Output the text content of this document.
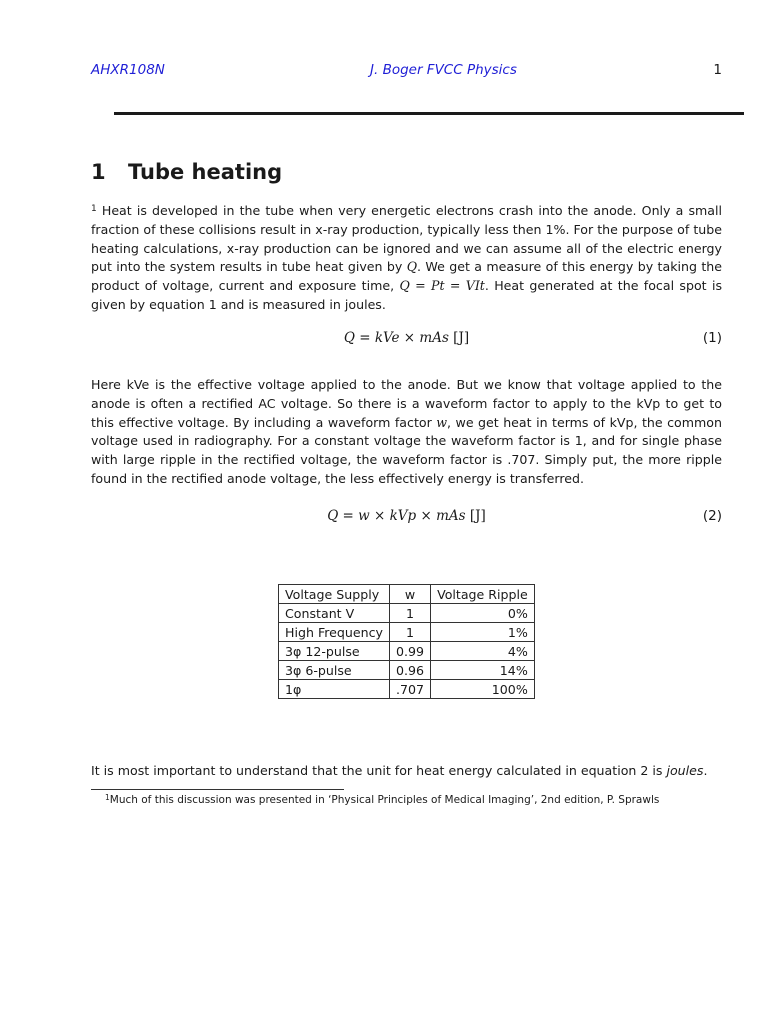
AHXR108N	J. Boger FVCC Physics	1
1 Tube heating
$^1$ Heat is developed in the tube when very energetic electrons crash into the anode. Only a small fraction of these collisions result in x-ray production, typically less then 1%. For the purpose of tube heating calculations, x-ray production can be ignored and we can assume all of the electric energy put into the system results in tube heat given by Q. We get a measure of this energy by taking the product of voltage, current and exposure time, Q = Pt = VIt. Heat generated at the focal spot is given by equation 1 and is measured in joules.
Q = kVe × mAs [J]	(1)
Here kVe is the effective voltage applied to the anode. But we know that voltage applied to the anode is often a rectified AC voltage. So there is a waveform factor to apply to the kVp to get to this effective voltage. By including a waveform factor w, we get heat in terms of kVp, the common voltage used in radiography. For a constant voltage the waveform factor is 1, and for single phase with large ripple in the rectified voltage, the waveform factor is .707. Simply put, the more ripple found in the rectified anode voltage, the less effectively energy is transferred.
Q = w × kVp × mAs [J]	(2)
Voltage Supply	w	Voltage Ripple
Constant V	1	0%
High Frequency	1	1%
3φ 12-pulse	0.99	4%
3φ 6-pulse	0.96	14%
1φ	.707	100%
It is most important to understand that the unit for heat energy calculated in equation 2 is joules.
$^1$Much of this discussion was presented in ‘Physical Principles of Medical Imaging’, 2nd edition, P. Sprawls
